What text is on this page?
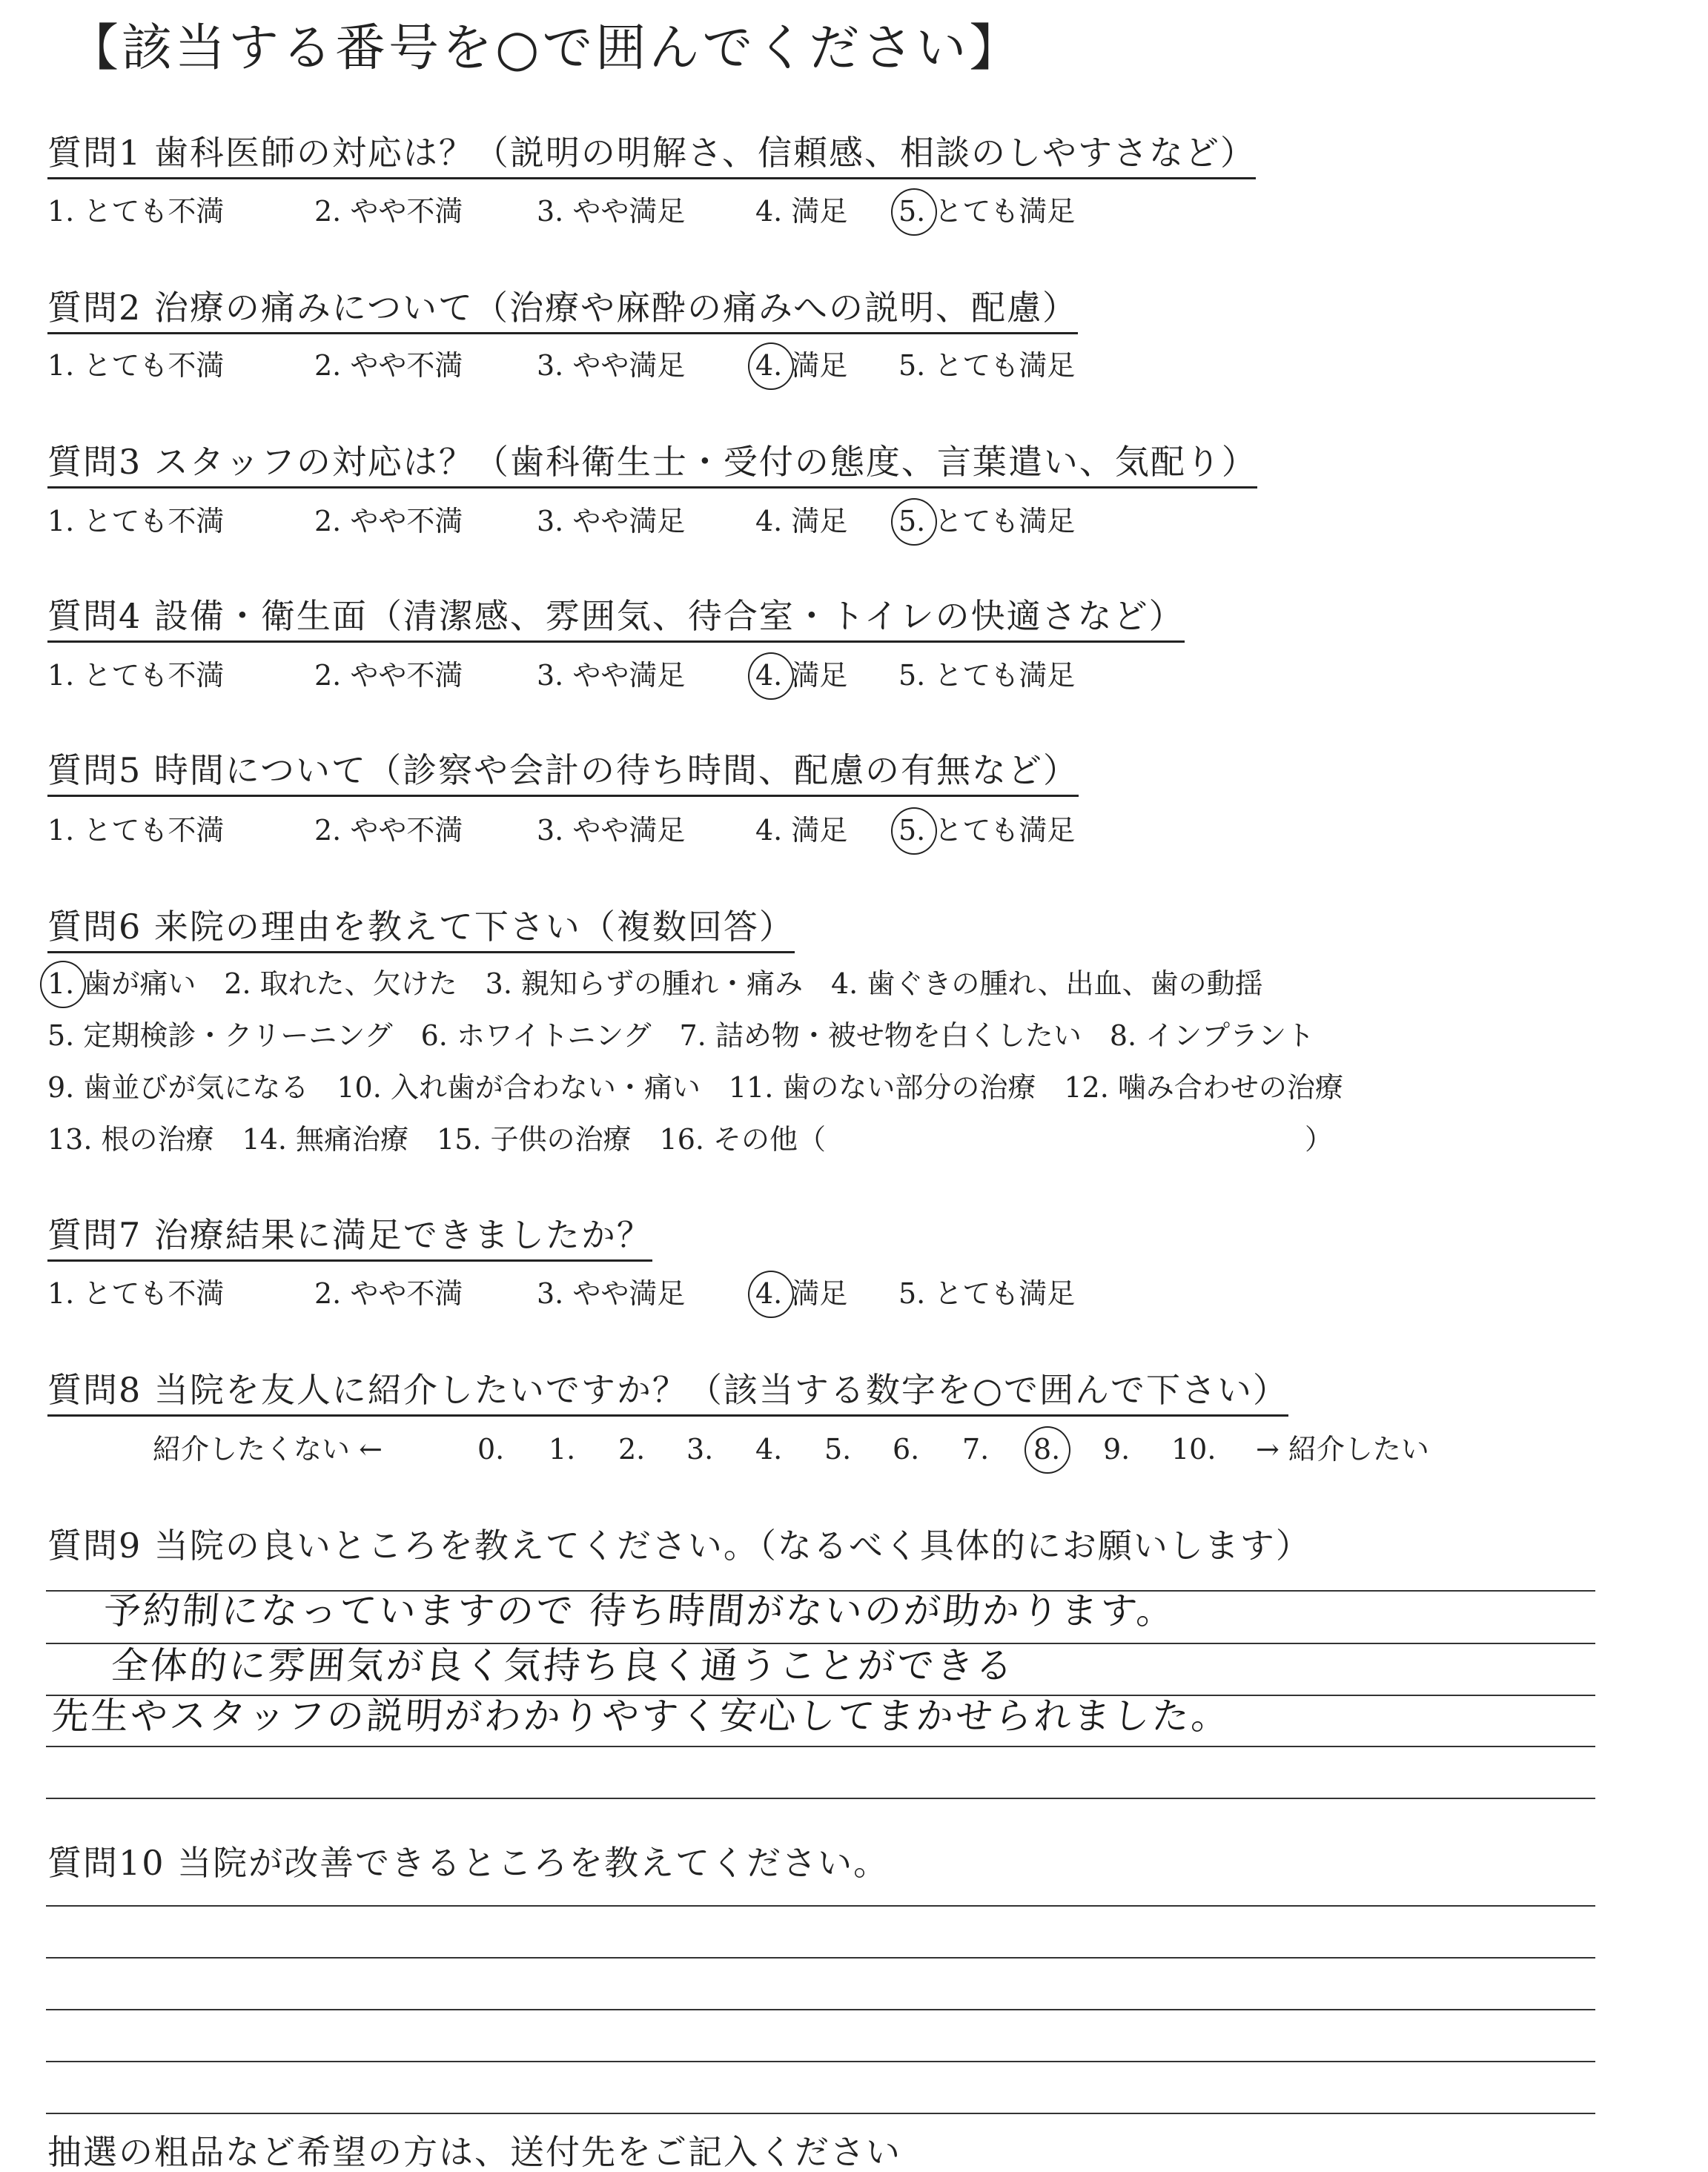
【該当する番号を○で囲んでください】
質問1 歯科医師の対応は？（説明の明解さ、信頼感、相談のしやすさなど）
1. とても不満	2. やや不満	3. やや満足 4. 満足 5. とても満足
質問2 治療の痛みについて（治療や麻酔の痛みへの説明、配慮）
1. とても不満	2. やや不満	3. やや満足 4. 満足 5. とても満足
質問3 スタッフの対応は？（歯科衛生士・受付の態度、言葉遣い、気配り）
1. とても不満	2. やや不満	3. やや満足 4. 満足 5. とても満足
質問4 設備・衛生面（清潔感、雰囲気、待合室・トイレの快適さなど）
1. とても不満	2. やや不満	3. やや満足 4. 満足 5. とても満足
質問5 時間について（診察や会計の待ち時間、配慮の有無など）
1. とても不満	2. やや不満	3. やや満足 4. 満足 5. とても満足
質問6 来院の理由を教えて下さい（複数回答）
1. 歯が痛い　2. 取れた、欠けた　3. 親知らずの腫れ・痛み　4. 歯ぐきの腫れ、出血、歯の動揺
5. 定期検診・クリーニング　6. ホワイトニング　7. 詰め物・被せ物を白くしたい　8. インプラント
9. 歯並びが気になる　10. 入れ歯が合わない・痛い　11. 歯のない部分の治療　12. 噛み合わせの治療
13. 根の治療　14. 無痛治療　15. 子供の治療　16. その他（　　　　　　　　　　　　　　　　　）
質問7 治療結果に満足できましたか？
1. とても不満	2. やや不満	3. やや満足 4. 満足 5. とても満足
質問8 当院を友人に紹介したいですか？（該当する数字を○で囲んで下さい）
紹介したくない ←	0. 1. 2. 3. 4. 5. 6. 7. 8. 9. 10. → 紹介したい
質問9 当院の良いところを教えてください。（なるべく具体的にお願いします）
予約制になっていますので 待ち時間がないのが助かります。
全体的に雰囲気が良く気持ち良く通うことができる
先生やスタッフの説明がわかりやすく安心してまかせられました。
質問10 当院が改善できるところを教えてください。
抽選の粗品など希望の方は、送付先をご記入ください
